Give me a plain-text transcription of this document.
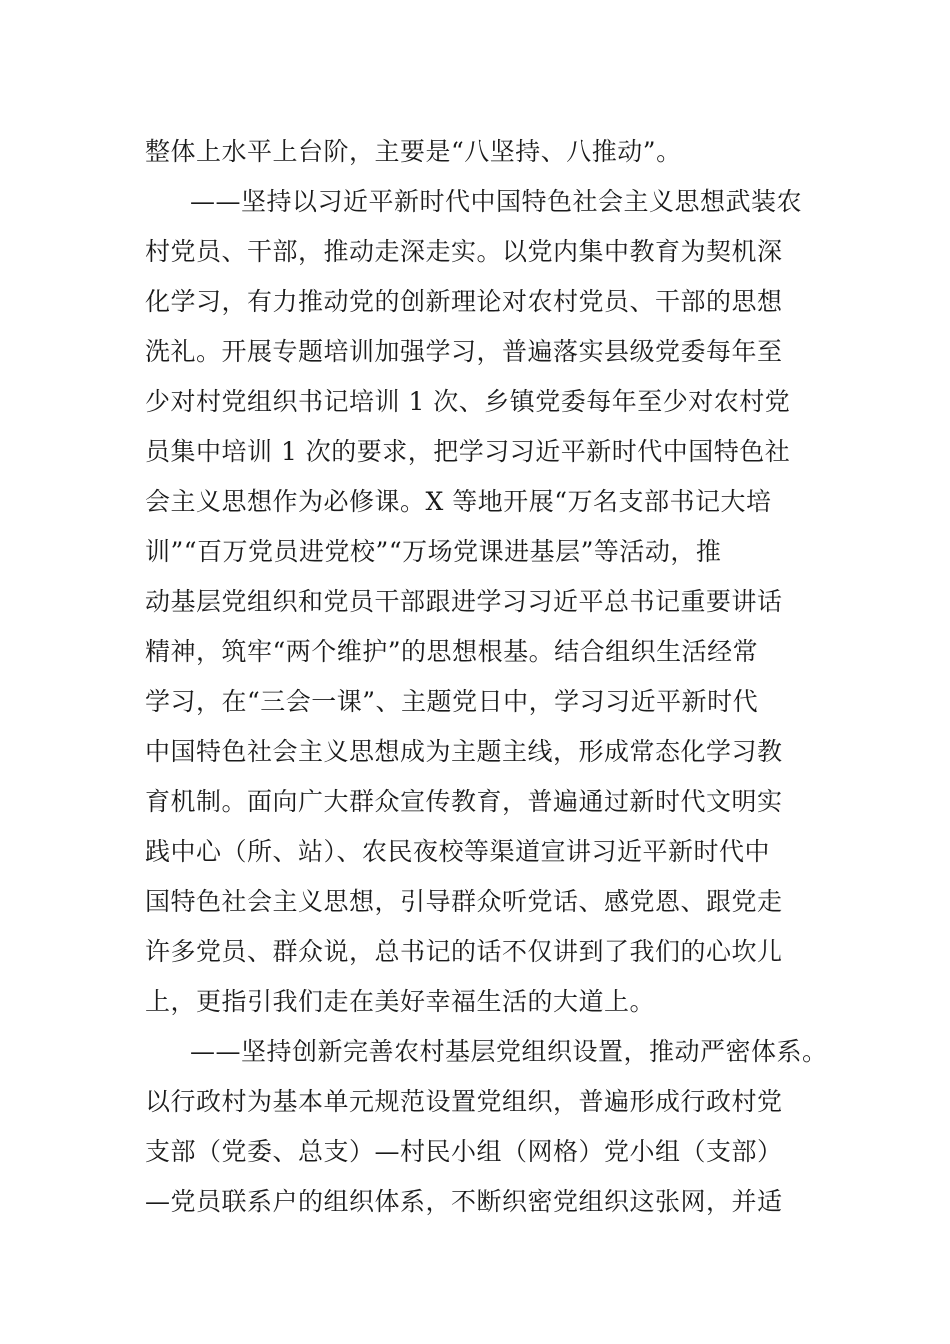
整体上水平上台阶，主要是“八坚持、八推动”。
——坚持以习近平新时代中国特色社会主义思想武装农
村党员、干部，推动走深走实。以党内集中教育为契机深
化学习，有力推动党的创新理论对农村党员、干部的思想
洗礼。开展专题培训加强学习，普遍落实县级党委每年至
少对村党组织书记培训 1 次、乡镇党委每年至少对农村党
员集中培训 1 次的要求，把学习习近平新时代中国特色社
会主义思想作为必修课。X 等地开展“万名支部书记大培
训”“百万党员进党校”“万场党课进基层”等活动，推
动基层党组织和党员干部跟进学习习近平总书记重要讲话
精神，筑牢“两个维护”的思想根基。结合组织生活经常
学习，在“三会一课”、主题党日中，学习习近平新时代
中国特色社会主义思想成为主题主线，形成常态化学习教
育机制。面向广大群众宣传教育，普遍通过新时代文明实
践中心（所、站）、农民夜校等渠道宣讲习近平新时代中
国特色社会主义思想，引导群众听党话、感党恩、跟党走
许多党员、群众说，总书记的话不仅讲到了我们的心坎儿
上，更指引我们走在美好幸福生活的大道上。
——坚持创新完善农村基层党组织设置，推动严密体系。
以行政村为基本单元规范设置党组织，普遍形成行政村党
支部（党委、总支）—村民小组（网格）党小组（支部）
—党员联系户的组织体系，不断织密党组织这张网，并适
